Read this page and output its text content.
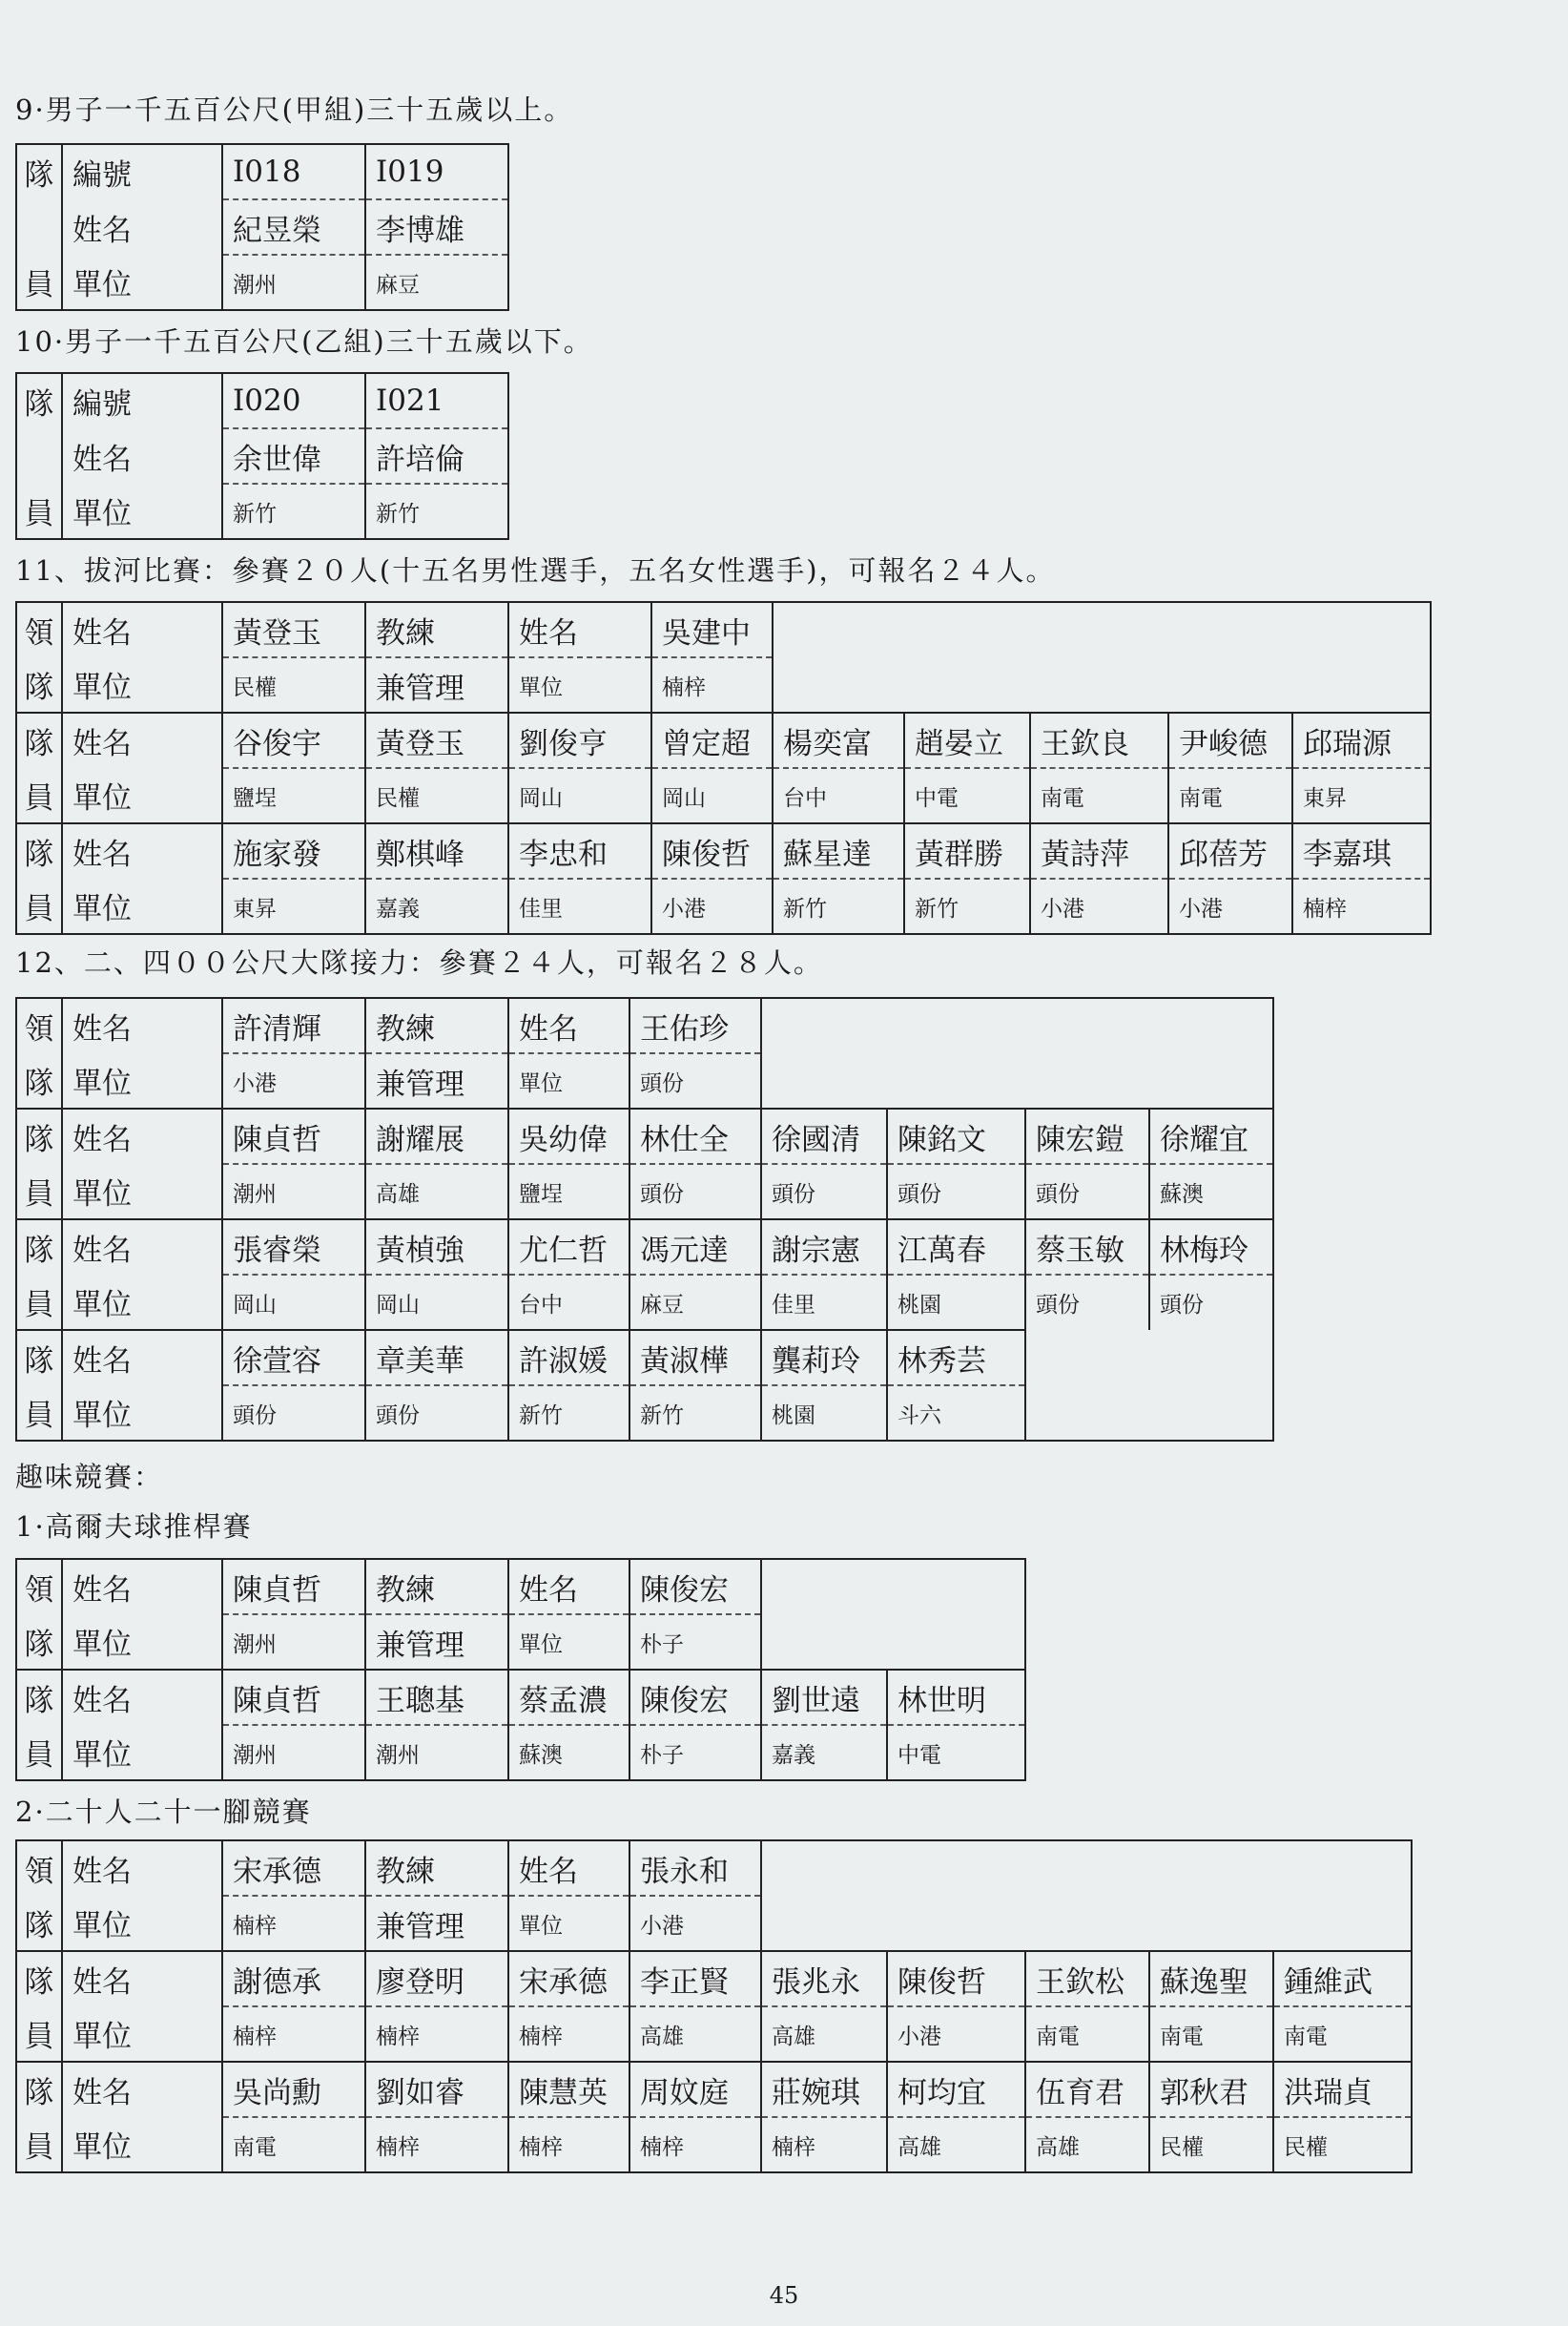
9·男子一千五百公尺(甲組)三十五歲以上。
隊	編號	I018	I019
	姓名	紀昱榮	李博雄
員	單位	潮州	麻豆
10·男子一千五百公尺(乙組)三十五歲以下。
隊	編號	I020	I021
	姓名	余世偉	許培倫
員	單位	新竹	新竹
11、拔河比賽：參賽２０人(十五名男性選手，五名女性選手)，可報名２４人。
領	姓名	黃登玉	教練	姓名	吳建中						
隊	單位	民權	兼管理	單位	楠梓						
隊	姓名	谷俊宇	黃登玉	劉俊亨	曾定超	楊奕富	趙晏立	王欽良	尹峻德	邱瑞源	
員	單位	鹽埕	民權	岡山	岡山	台中	中電	南電	南電	東昇	
隊	姓名	施家發	鄭棋峰	李忠和	陳俊哲	蘇星達	黃群勝	黃詩萍	邱蓓芳	李嘉琪	
員	單位	東昇	嘉義	佳里	小港	新竹	新竹	小港	小港	楠梓	
12、二、四００公尺大隊接力：參賽２４人，可報名２８人。
領	姓名	許清輝	教練	姓名	王佑珍					
隊	單位	小港	兼管理	單位	頭份					
隊	姓名	陳貞哲	謝耀展	吳幼偉	林仕全	徐國清	陳銘文	陳宏鎧	徐耀宜	
員	單位	潮州	高雄	鹽埕	頭份	頭份	頭份	頭份	蘇澳	
隊	姓名	張睿榮	黃楨強	尤仁哲	馮元達	謝宗憲	江萬春	蔡玉敏	林梅玲	
員	單位	岡山	岡山	台中	麻豆	佳里	桃園	頭份	頭份	
隊	姓名	徐萱容	章美華	許淑媛	黃淑樺	龔莉玲	林秀芸			
員	單位	頭份	頭份	新竹	新竹	桃園	斗六			
趣味競賽：
1·高爾夫球推桿賽
領	姓名	陳貞哲	教練	姓名	陳俊宏			
隊	單位	潮州	兼管理	單位	朴子			
隊	姓名	陳貞哲	王聰基	蔡孟濃	陳俊宏	劉世遠	林世明		
員	單位	潮州	潮州	蘇澳	朴子	嘉義	中電		
2·二十人二十一腳競賽
領	姓名	宋承德	教練	姓名	張永和						
隊	單位	楠梓	兼管理	單位	小港						
隊	姓名	謝德承	廖登明	宋承德	李正賢	張兆永	陳俊哲	王欽松	蘇逸聖	鍾維武	
員	單位	楠梓	楠梓	楠梓	高雄	高雄	小港	南電	南電	南電	
隊	姓名	吳尚勳	劉如睿	陳慧英	周妏庭	莊婉琪	柯均宜	伍育君	郭秋君	洪瑞貞	
員	單位	南電	楠梓	楠梓	楠梓	楠梓	高雄	高雄	民權	民權	
45
